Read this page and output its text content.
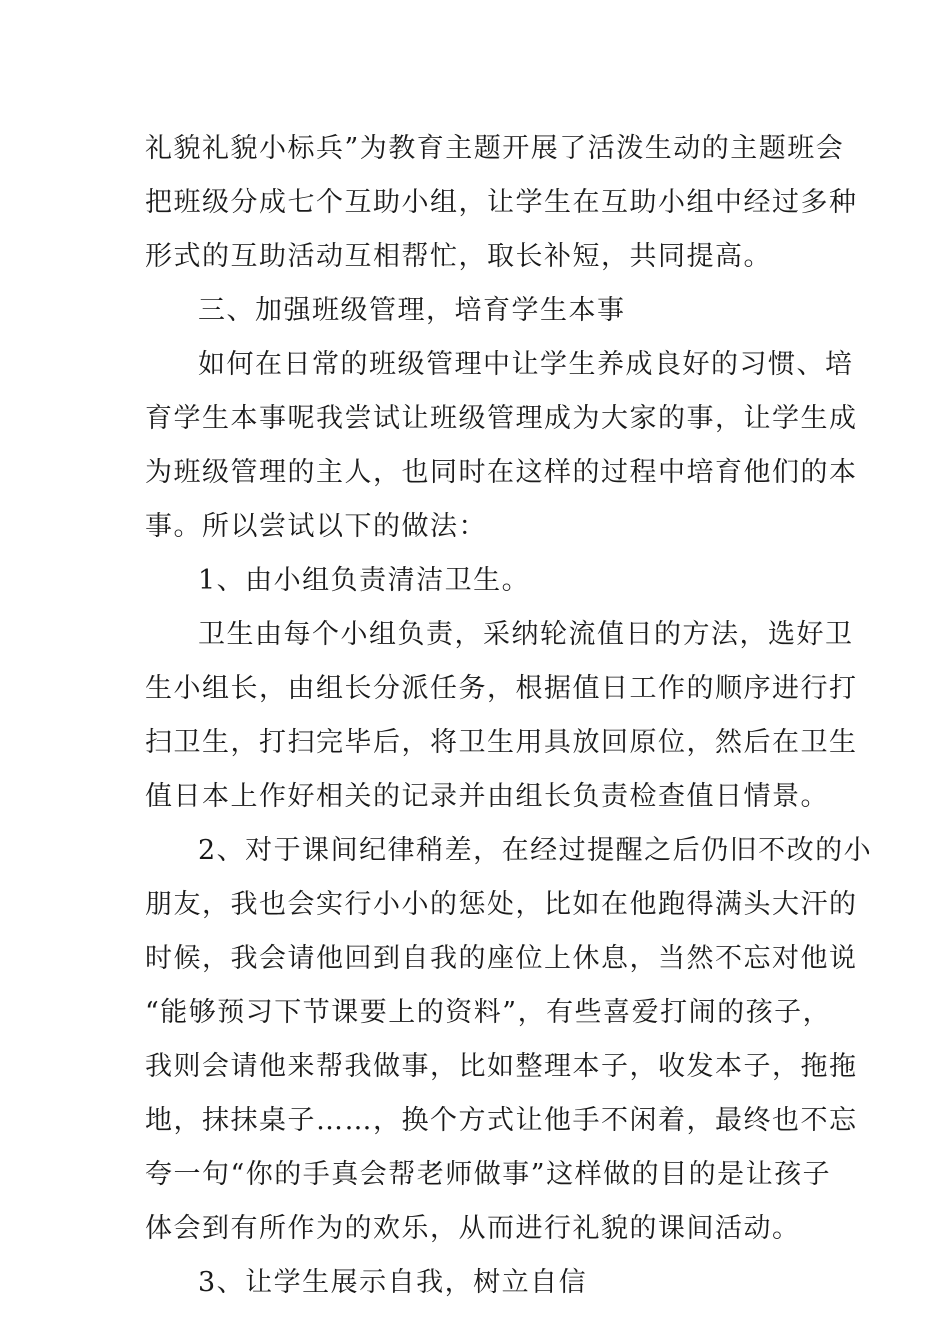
礼貌礼貌小标兵”为教育主题开展了活泼生动的主题班会
把班级分成七个互助小组，让学生在互助小组中经过多种
形式的互助活动互相帮忙，取长补短，共同提高。
三、加强班级管理，培育学生本事
如何在日常的班级管理中让学生养成良好的习惯、培
育学生本事呢我尝试让班级管理成为大家的事，让学生成
为班级管理的主人，也同时在这样的过程中培育他们的本
事。所以尝试以下的做法：
1、由小组负责清洁卫生。
卫生由每个小组负责，采纳轮流值日的方法，选好卫
生小组长，由组长分派任务，根据值日工作的顺序进行打
扫卫生，打扫完毕后，将卫生用具放回原位，然后在卫生
值日本上作好相关的记录并由组长负责检查值日情景。
2、对于课间纪律稍差，在经过提醒之后仍旧不改的小
朋友，我也会实行小小的惩处，比如在他跑得满头大汗的
时候，我会请他回到自我的座位上休息，当然不忘对他说
“能够预习下节课要上的资料”，有些喜爱打闹的孩子，
我则会请他来帮我做事，比如整理本子，收发本子，拖拖
地，抹抹桌子……，换个方式让他手不闲着，最终也不忘
夸一句“你的手真会帮老师做事”这样做的目的是让孩子
体会到有所作为的欢乐，从而进行礼貌的课间活动。
3、让学生展示自我，树立自信
